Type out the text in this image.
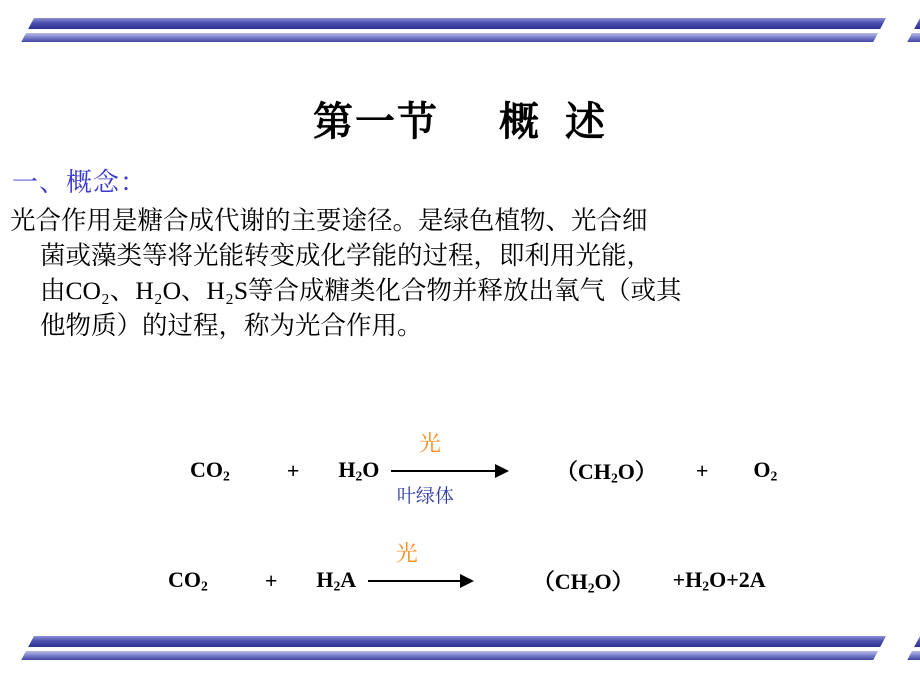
第一节     概  述
一、概念：
光合作用是糖合成代谢的主要途径。是绿色植物、光合细
菌或藻类等将光能转变成化学能的过程，即利用光能，
由CO₂、H₂O、H₂S等合成糖类化合物并释放出氧气（或其
他物质）的过程，称为光合作用。
$CO_2$	+ $H_2O$
光
叶绿体
$(CH_2O) + O_2$
$CO_2$	+ $H_2A$
光
$(CH_2O) +H_2O+2A$
